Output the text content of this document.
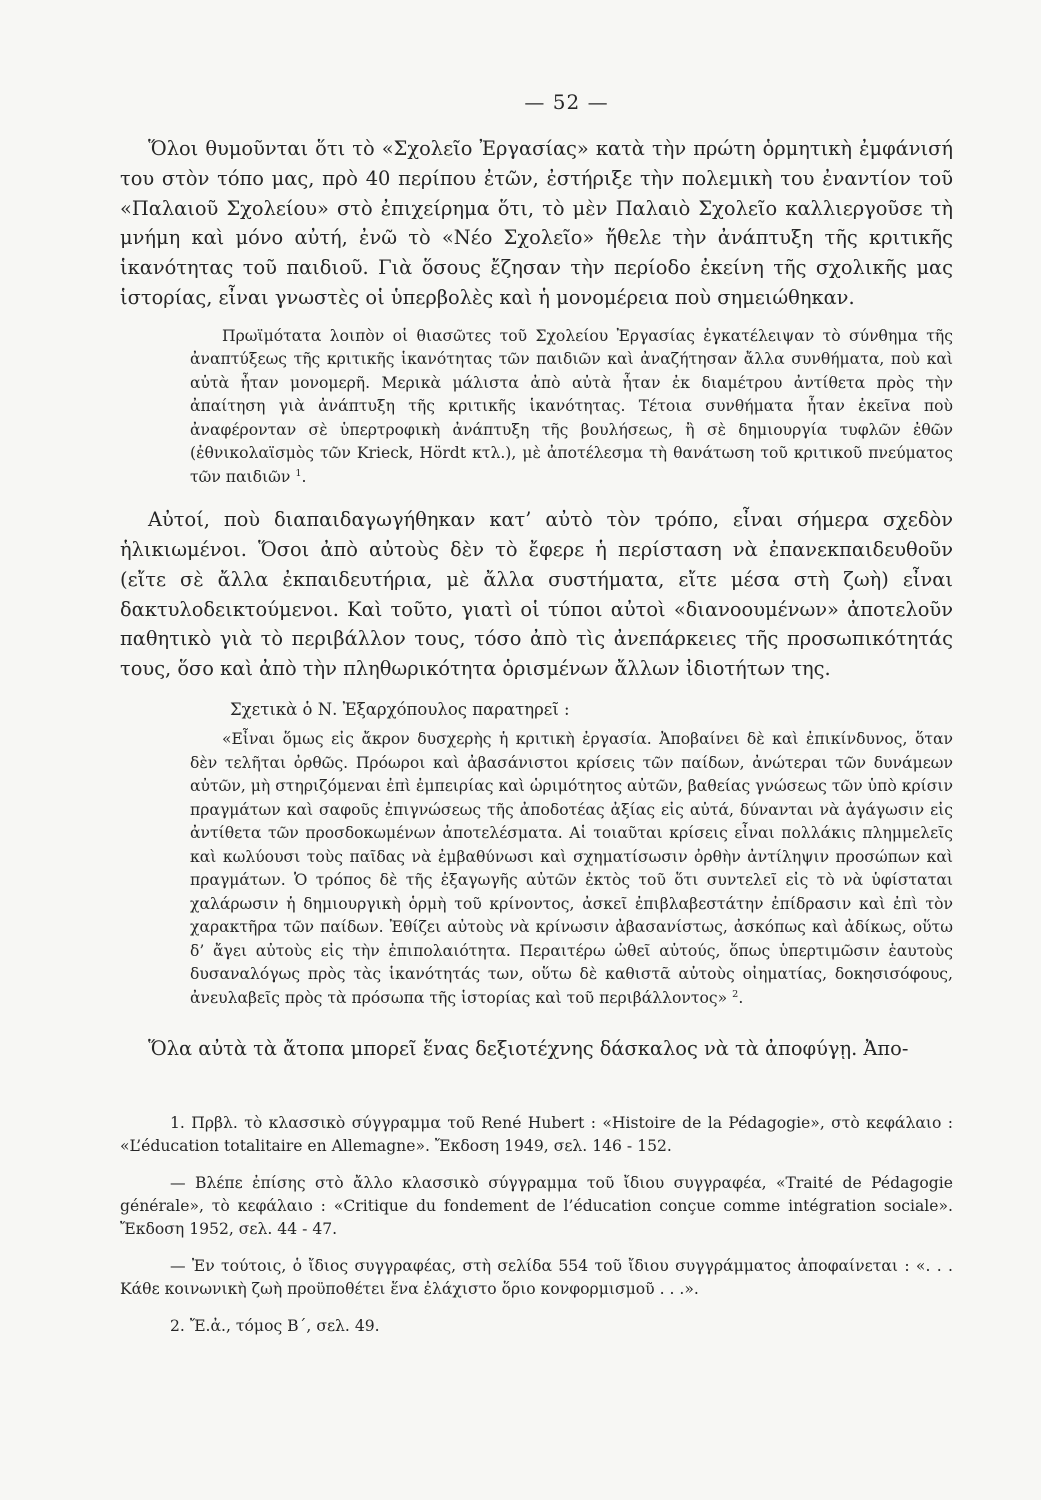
— 52 —

Ὅλοι θυμοῦνται ὅτι τὸ «Σχολεῖο Ἐργασίας» κατὰ τὴν πρώτη ὁρμητικὴ ἐμφάνισή του στὸν τόπο μας, πρὸ 40 περίπου ἐτῶν, ἐστήριξε τὴν πολεμικὴ του ἐναντίον τοῦ «Παλαιοῦ Σχολείου» στὸ ἐπιχείρημα ὅτι, τὸ μὲν Παλαιὸ Σχολεῖο καλλιεργοῦσε τὴ μνήμη καὶ μόνο αὐτή, ἐνῶ τὸ «Νέο Σχολεῖο» ἤθελε τὴν ἀνάπτυξη τῆς κριτικῆς ἱκανότητας τοῦ παιδιοῦ. Γιὰ ὅσους ἔζησαν τὴν περίοδο ἐκείνη τῆς σχολικῆς μας ἱστορίας, εἶναι γνωστὲς οἱ ὑπερβολὲς καὶ ἡ μονομέρεια ποὺ σημειώθηκαν.

Πρωϊμότατα λοιπὸν οἱ θιασῶτες τοῦ Σχολείου Ἐργασίας ἐγκατέλειψαν τὸ σύνθημα τῆς ἀναπτύξεως τῆς κριτικῆς ἱκανότητας τῶν παιδιῶν καὶ ἀναζήτησαν ἄλλα συνθήματα, ποὺ καὶ αὐτὰ ἦταν μονομερῆ. Μερικὰ μάλιστα ἀπὸ αὐτὰ ἦταν ἐκ διαμέτρου ἀντίθετα πρὸς τὴν ἀπαίτηση γιὰ ἀνάπτυξη τῆς κριτικῆς ἱκανότητας. Τέτοια συνθήματα ἦταν ἐκεῖνα ποὺ ἀναφέρονταν σὲ ὑπερτροφικὴ ἀνάπτυξη τῆς βουλήσεως, ἢ σὲ δημιουργία τυφλῶν ἐθῶν (ἐθνικολαϊσμὸς τῶν Krieck, Hördt κτλ.), μὲ ἀποτέλεσμα τὴ θανάτωση τοῦ κριτικοῦ πνεύματος τῶν παιδιῶν $^1$.

Αὐτοί, ποὺ διαπαιδαγωγήθηκαν κατ’ αὐτὸ τὸν τρόπο, εἶναι σήμερα σχεδὸν ἡλικιωμένοι. Ὅσοι ἀπὸ αὐτοὺς δὲν τὸ ἔφερε ἡ περίσταση νὰ ἐπανεκπαιδευθοῦν (εἴτε σὲ ἄλλα ἐκπαιδευτήρια, μὲ ἄλλα συστήματα, εἴτε μέσα στὴ ζωὴ) εἶναι δακτυλοδεικτούμενοι. Καὶ τοῦτο, γιατὶ οἱ τύποι αὐτοὶ «διανοουμένων» ἀποτελοῦν παθητικὸ γιὰ τὸ περιβάλλον τους, τόσο ἀπὸ τὶς ἀνεπάρκειες τῆς προσωπικότητάς τους, ὅσο καὶ ἀπὸ τὴν πληθωρικότητα ὁρισμένων ἄλλων ἰδιοτήτων της.

Σχετικὰ ὁ Ν. Ἐξαρχόπουλος παρατηρεῖ :

«Εἶναι ὅμως εἰς ἄκρον δυσχερὴς ἡ κριτικὴ ἐργασία. Ἀποβαίνει δὲ καὶ ἐπικίνδυνος, ὅταν δὲν τελῆται ὀρθῶς. Πρόωροι καὶ ἀβασάνιστοι κρίσεις τῶν παίδων, ἀνώτεραι τῶν δυνάμεων αὐτῶν, μὴ στηριζόμεναι ἐπὶ ἐμπειρίας καὶ ὡριμότητος αὐτῶν, βαθείας γνώσεως τῶν ὑπὸ κρίσιν πραγμάτων καὶ σαφοῦς ἐπιγνώσεως τῆς ἀποδοτέας ἀξίας εἰς αὐτά, δύνανται νὰ ἀγάγωσιν εἰς ἀντίθετα τῶν προσδοκωμένων ἀποτελέσματα. Αἱ τοιαῦται κρίσεις εἶναι πολλάκις πλημμελεῖς καὶ κωλύουσι τοὺς παῖδας νὰ ἐμβαθύνωσι καὶ σχηματίσωσιν ὀρθὴν ἀντίληψιν προσώπων καὶ πραγμάτων. Ὁ τρόπος δὲ τῆς ἐξαγωγῆς αὐτῶν ἐκτὸς τοῦ ὅτι συντελεῖ εἰς τὸ νὰ ὑφίσταται χαλάρωσιν ἡ δημιουργικὴ ὁρμὴ τοῦ κρίνοντος, ἀσκεῖ ἐπιβλαβεστάτην ἐπίδρασιν καὶ ἐπὶ τὸν χαρακτῆρα τῶν παίδων. Ἐθίζει αὐτοὺς νὰ κρίνωσιν ἀβασανίστως, ἀσκόπως καὶ ἀδίκως, οὕτω δ’ ἄγει αὐτοὺς εἰς τὴν ἐπιπολαιότητα. Περαιτέρω ὠθεῖ αὐτούς, ὅπως ὑπερτιμῶσιν ἑαυτοὺς δυσαναλόγως πρὸς τὰς ἱκανότητάς των, οὕτω δὲ καθιστᾶ αὐτοὺς οἰηματίας, δοκησισόφους, ἀνευλαβεῖς πρὸς τὰ πρόσωπα τῆς ἱστορίας καὶ τοῦ περιβάλλοντος» $^2$.

Ὅλα αὐτὰ τὰ ἄτοπα μπορεῖ ἕνας δεξιοτέχνης δάσκαλος νὰ τὰ ἀποφύγῃ. Ἀπο-

1. Πρβλ. τὸ κλασσικὸ σύγγραμμα τοῦ René Hubert : «Histoire de la Pédagogie», στὸ κεφάλαιο : «L’éducation totalitaire en Allemagne». Ἔκδοση 1949, σελ. 146 - 152.

— Βλέπε ἐπίσης στὸ ἄλλο κλασσικὸ σύγγραμμα τοῦ ἴδιου συγγραφέα, «Traité de Pédagogie générale», τὸ κεφάλαιο : «Critique du fondement de l’éducation conçue comme intégration sociale». Ἔκδοση 1952, σελ. 44 - 47.

— Ἐν τούτοις, ὁ ἴδιος συγγραφέας, στὴ σελίδα 554 τοῦ ἴδιου συγγράμματος ἀποφαίνεται : «. . . Κάθε κοινωνικὴ ζωὴ προϋποθέτει ἕνα ἐλάχιστο ὅριο κονφορμισμοῦ . . .».

2. Ἔ.ἀ., τόμος Β΄, σελ. 49.
